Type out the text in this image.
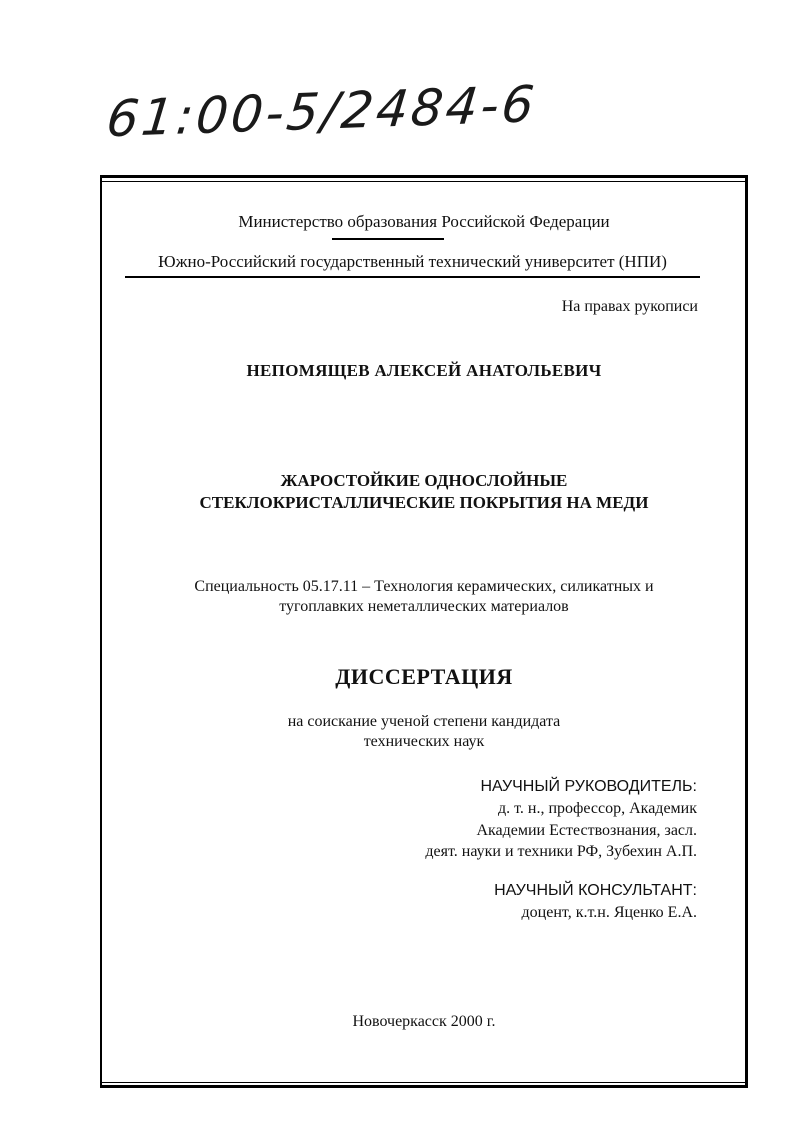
61:00-5/2484-6
Министерство образования Российской Федерации
Южно-Российский государственный технический университет (НПИ)
На правах рукописи
НЕПОМЯЩЕВ АЛЕКСЕЙ АНАТОЛЬЕВИЧ
ЖАРОСТОЙКИЕ ОДНОСЛОЙНЫЕ
СТЕКЛОКРИСТАЛЛИЧЕСКИЕ ПОКРЫТИЯ НА МЕДИ
Специальность 05.17.11 – Технология керамических, силикатных и
тугоплавких неметаллических материалов
ДИССЕРТАЦИЯ
на соискание ученой степени кандидата
технических наук
НАУЧНЫЙ РУКОВОДИТЕЛЬ:
д. т. н., профессор, Академик
Академии Естествознания, засл.
деят. науки и техники РФ, Зубехин А.П.
НАУЧНЫЙ КОНСУЛЬТАНТ:
доцент, к.т.н. Яценко Е.А.
Новочеркасск 2000 г.
